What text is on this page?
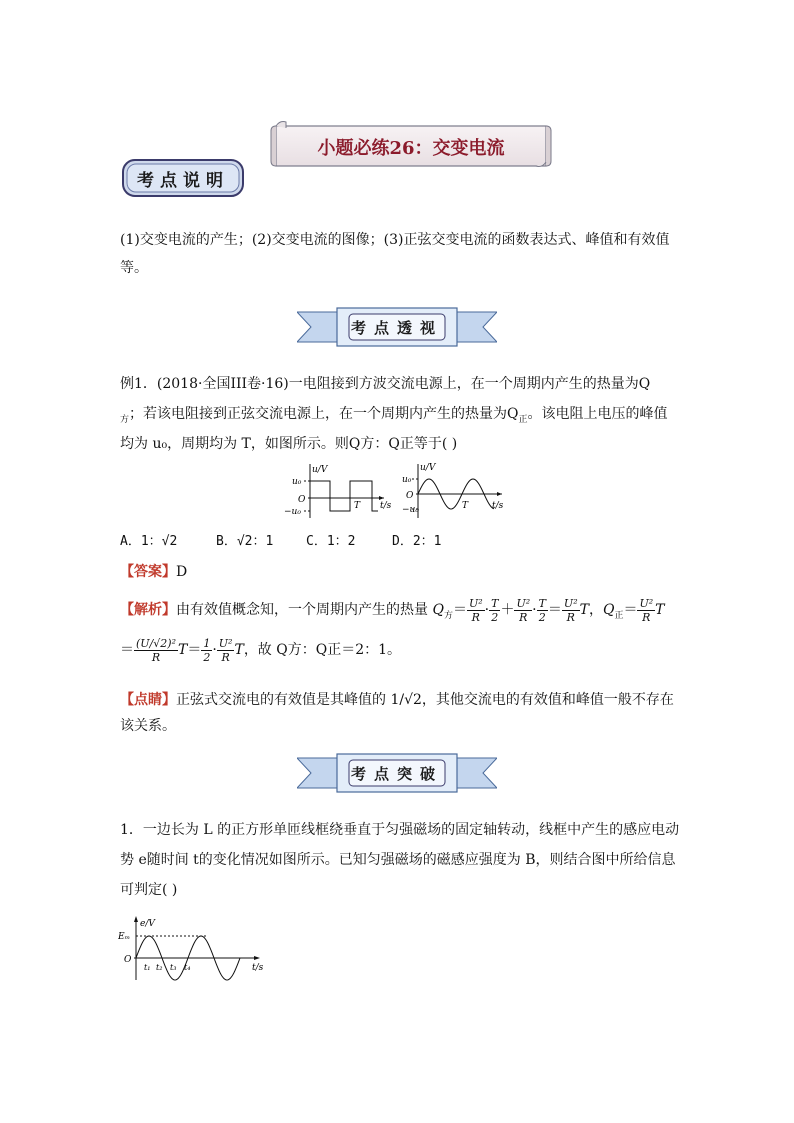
小题必练26：交变电流
考点说明
(1)交变电流的产生；(2)交变电流的图像；(3)正弦交变电流的函数表达式、峰值和有效值
等。
考点透视
例1．(2018·全国III卷·16)一电阻接到方波交流电源上，在一个周期内产生的热量为Q
$_方$；若该电阻接到正弦交流电源上，在一个周期内产生的热量为$Q_正$。该电阻上电压的峰值
均为 u₀，周期均为 T，如图所示。则Q方：Q正等于( )
u/V
u₀
O
−u₀
T t/s
u/V
u₀
O
−u₀	T	t/s
A．1：√2	B．√2：1	C．1：2	D．2：1
【答案】D
【解析】由有效值概念知，一个周期内产生的热量 $Q_方= \frac{\text{U²}}{R} \cdot \frac{T}{2} + \frac{\text{U²}}{R} \cdot \frac{T}{2} = \frac{\text{U²}}{R}$ T，$Q_正= \frac{\text{U²}}{R}$ T
＝ $\frac{\text{(U/√2)²}}{R} T= \frac{1}{2} \cdot \frac{\text{U²}}{R}$ T，故 Q方：Q正＝2：1。
【点睛】正弦式交流电的有效值是其峰值的 1/√2，其他交流电的有效值和峰值一般不存在
该关系。
考点突破
1．一边长为 L 的正方形单匝线框绕垂直于匀强磁场的固定轴转动，线框中产生的感应电动
势 e随时间 t的变化情况如图所示。已知匀强磁场的磁感应强度为 B，则结合图中所给信息
可判定( )
e/V
Eₘ
O
t₁ t₂ t₃ t₄	t/s
